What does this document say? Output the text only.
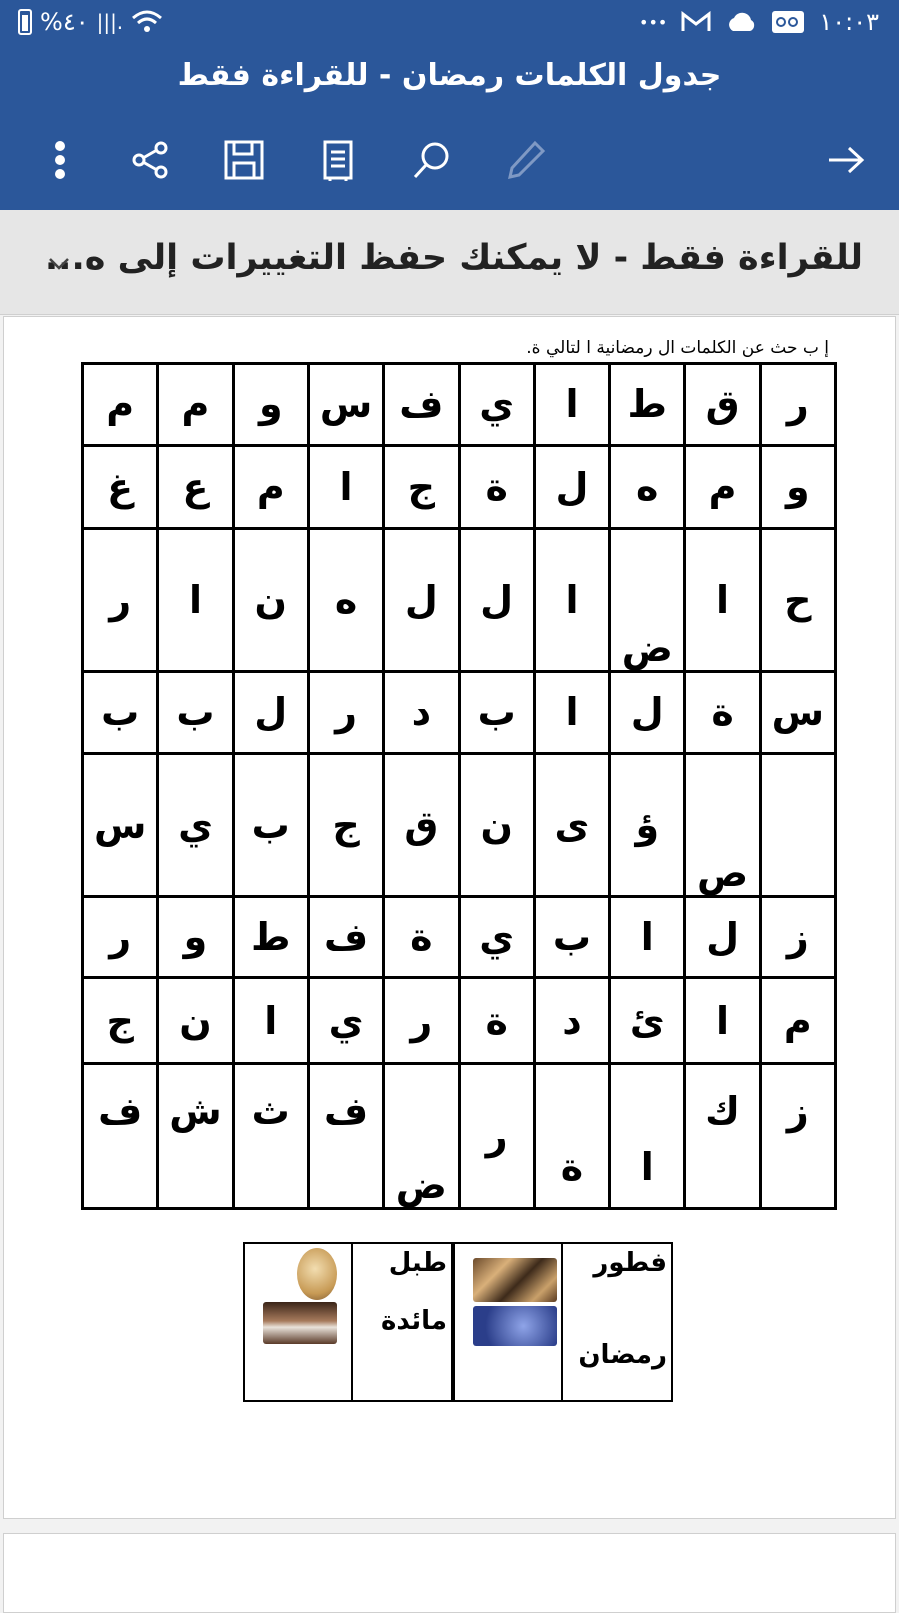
%٤٠ |||.	•••	١٠:٠٣
جدول الكلمات رمضان - للقراءة فقط
للقراءة فقط - لا يمكنك حفظ التغييرات إلى ه...
إ ب حث عن الكلمات ال رمضانية ا لتالي ة.
ر	ق	ط	ا	ي	ف	س	و	م	م
و	م	ه	ل	ة	ج	ا	م	ع	غ
ح	ا	ض	ا	ل	ل	ه	ن	ا	ر
س	ة	ل	ا	ب	د	ر	ل	ب	ب

	ص	ؤ	ى	ن	ق	ج	ب	ي	س
ز	ل	ا	ب	ي	ة	ف	ط	و	ر
م	ا	ئ	د	ة	ر	ي	ا	ن	ج

ز	ك	ا	ة	ر	ض	ف	ث	ش	ف
فطور
رمضان

طبل
مائدة
